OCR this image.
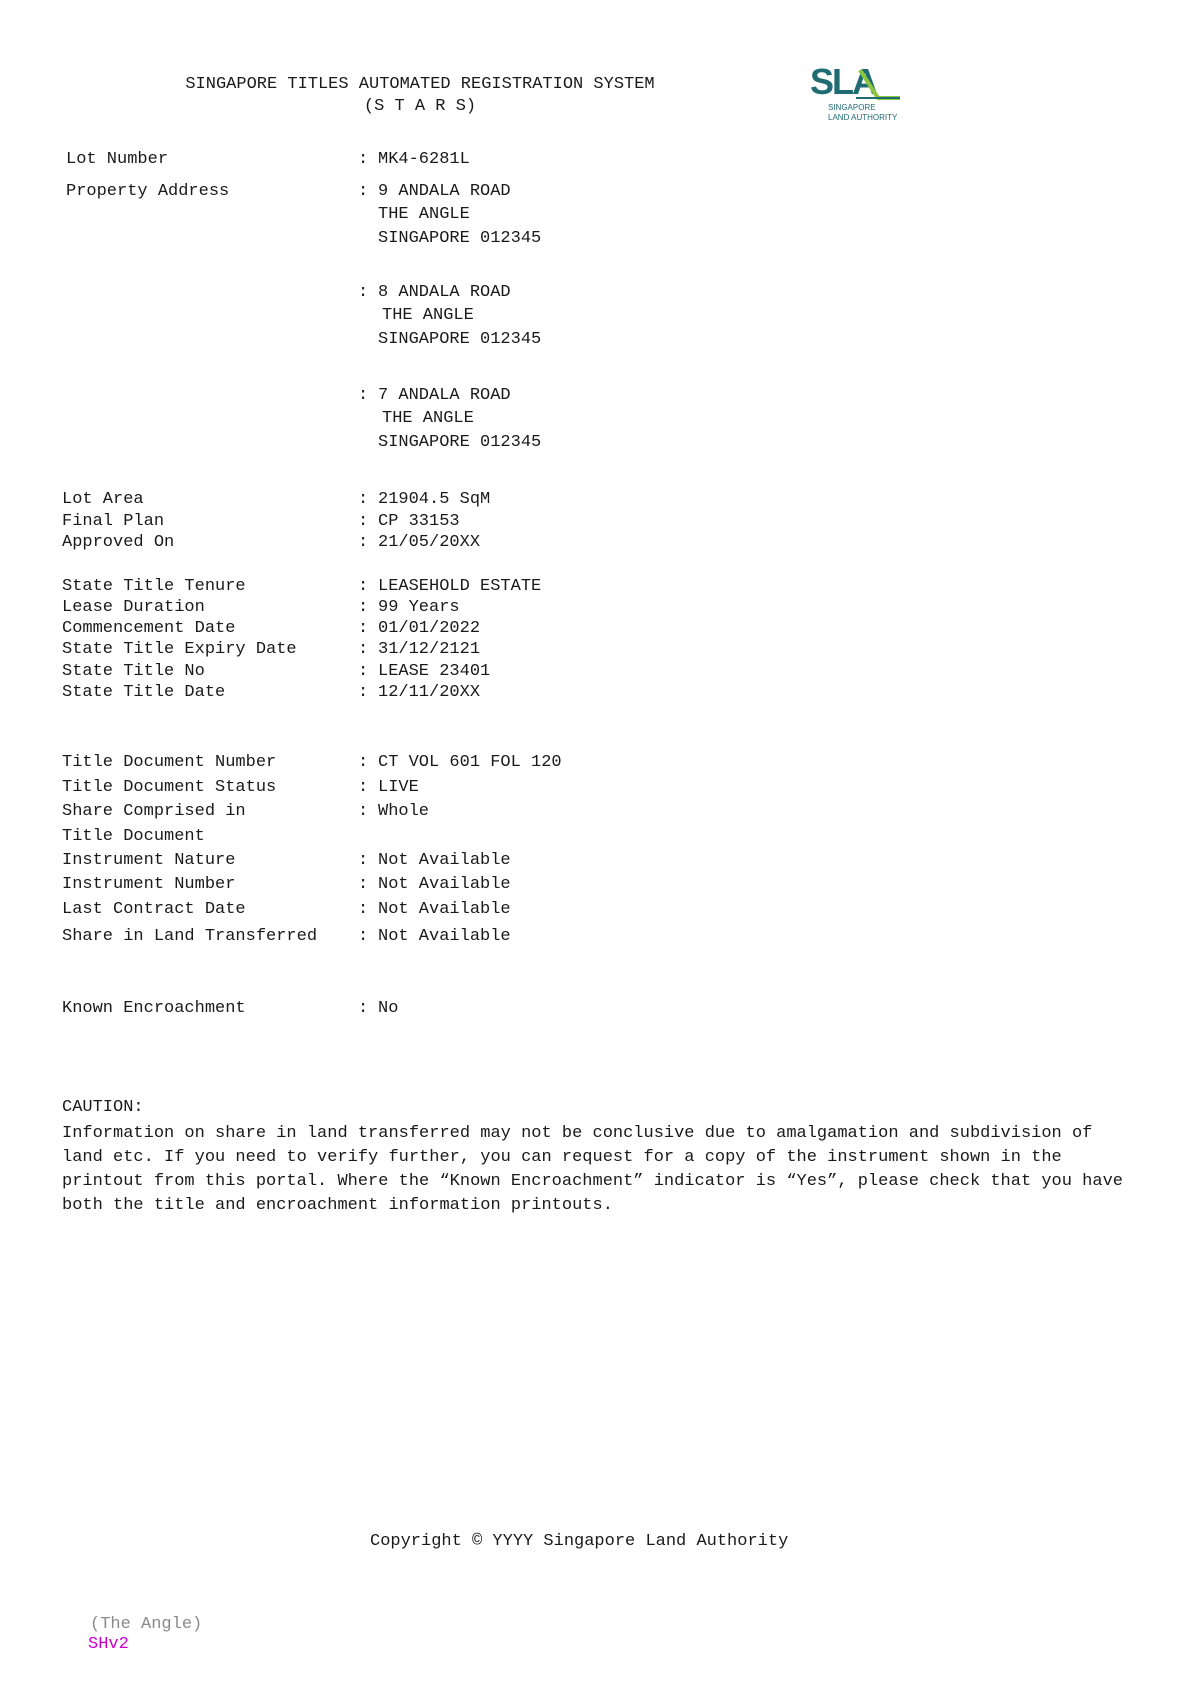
SINGAPORE TITLES AUTOMATED REGISTRATION SYSTEM
(S T A R S)
SLA
SINGAPORE
LAND AUTHORITY
Lot Number	: MK4-6281L
Property Address	: 9 ANDALA ROAD
THE ANGLE
SINGAPORE 012345
: 8 ANDALA ROAD
THE ANGLE
SINGAPORE 012345
: 7 ANDALA ROAD
THE ANGLE
SINGAPORE 012345
Lot Area	: 21904.5 SqM
Final Plan	: CP 33153
Approved On	: 21/05/20XX
State Title Tenure	: LEASEHOLD ESTATE
Lease Duration	: 99 Years
Commencement Date	: 01/01/2022
State Title Expiry Date	: 31/12/2121
State Title No	: LEASE 23401
State Title Date	: 12/11/20XX
Title Document Number	: CT VOL 601 FOL 120
Title Document Status	: LIVE
Share Comprised in	: Whole
Title Document
Instrument Nature	: Not Available
Instrument Number	: Not Available
Last Contract Date	: Not Available
Share in Land Transferred : Not Available
Known Encroachment	: No
CAUTION:
Information on share in land transferred may not be conclusive due to amalgamation and subdivision of land etc. If you need to verify further, you can request for a copy of the instrument shown in the printout from this portal. Where the “Known Encroachment” indicator is “Yes”, please check that you have both the title and encroachment information printouts.
Copyright © YYYY Singapore Land Authority
(The Angle)
SHv2
